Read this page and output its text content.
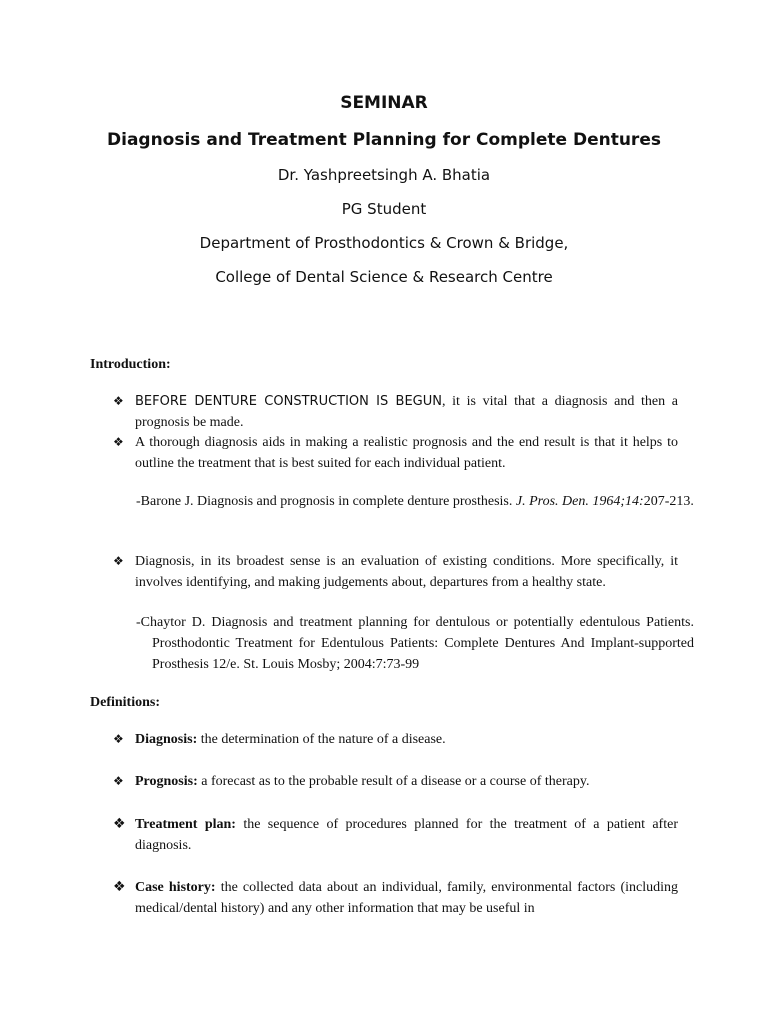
SEMINAR
Diagnosis and Treatment Planning for Complete Dentures
Dr. Yashpreetsingh A. Bhatia
PG Student
Department of Prosthodontics & Crown & Bridge,
College of Dental Science & Research Centre
Introduction:
❖ BEFORE DENTURE CONSTRUCTION IS BEGUN, it is vital that a diagnosis and then a prognosis be made.
❖ A thorough diagnosis aids in making a realistic prognosis and the end result is that it helps to outline the treatment that is best suited for each individual patient.
-Barone J. Diagnosis and prognosis in complete denture prosthesis. J. Pros. Den. 1964;14:207-213.
❖ Diagnosis, in its broadest sense is an evaluation of existing conditions. More specifically, it involves identifying, and making judgements about, departures from a healthy state.
-Chaytor D. Diagnosis and treatment planning for dentulous or potentially edentulous Patients. Prosthodontic Treatment for Edentulous Patients: Complete Dentures And Implant-supported Prosthesis 12/e. St. Louis Mosby; 2004:7:73-99
Definitions:
❖ Diagnosis: the determination of the nature of a disease.
❖ Prognosis: a forecast as to the probable result of a disease or a course of therapy.
❖ Treatment plan: the sequence of procedures planned for the treatment of a patient after diagnosis.
❖ Case history: the collected data about an individual, family, environmental factors (including medical/dental history) and any other information that may be useful in
